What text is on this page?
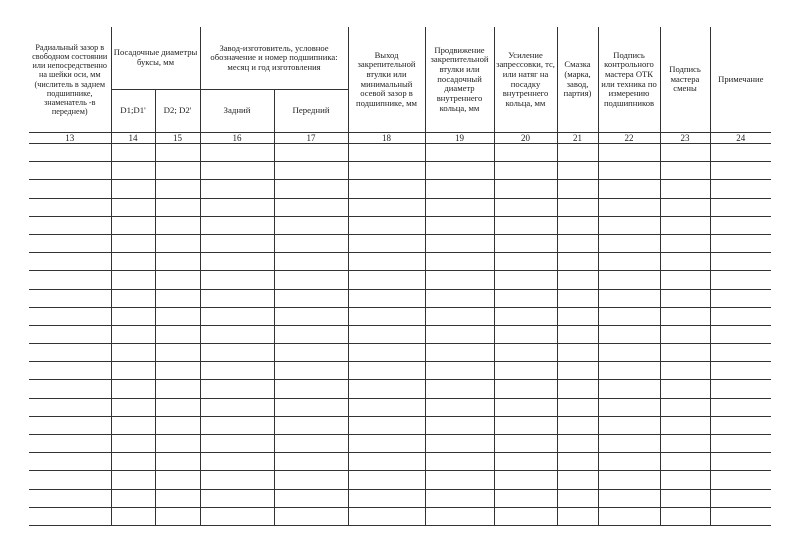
Радиальный зазор в свободном состоянии или непосредственно на шейки оси, мм (числитель в заднем подшипнике, знаменатель -в переднем)	Посадочные диаметры буксы, мм		Завод-изготовитель, условное обозначение и номер подшипника: месяц и год изготовления		Выход закрепительной втулки или минимальный осевой зазор в подшипнике, мм	Продвижение закрепительной втулки или посадочный диаметр внутреннего кольца, мм	Усиление запрессовки, тс, или натяг на посадку внутреннего кольца, мм	Смазка (марка, завод, партия)	Подпись контрольного мастера ОТК или техника по измерению подшипников	Подпись мастера смены	Примечание

	D1;D1'	D2; D2'	Задний	Передний							

13	14	15	16	17	18	19	20	21	22	23	24
